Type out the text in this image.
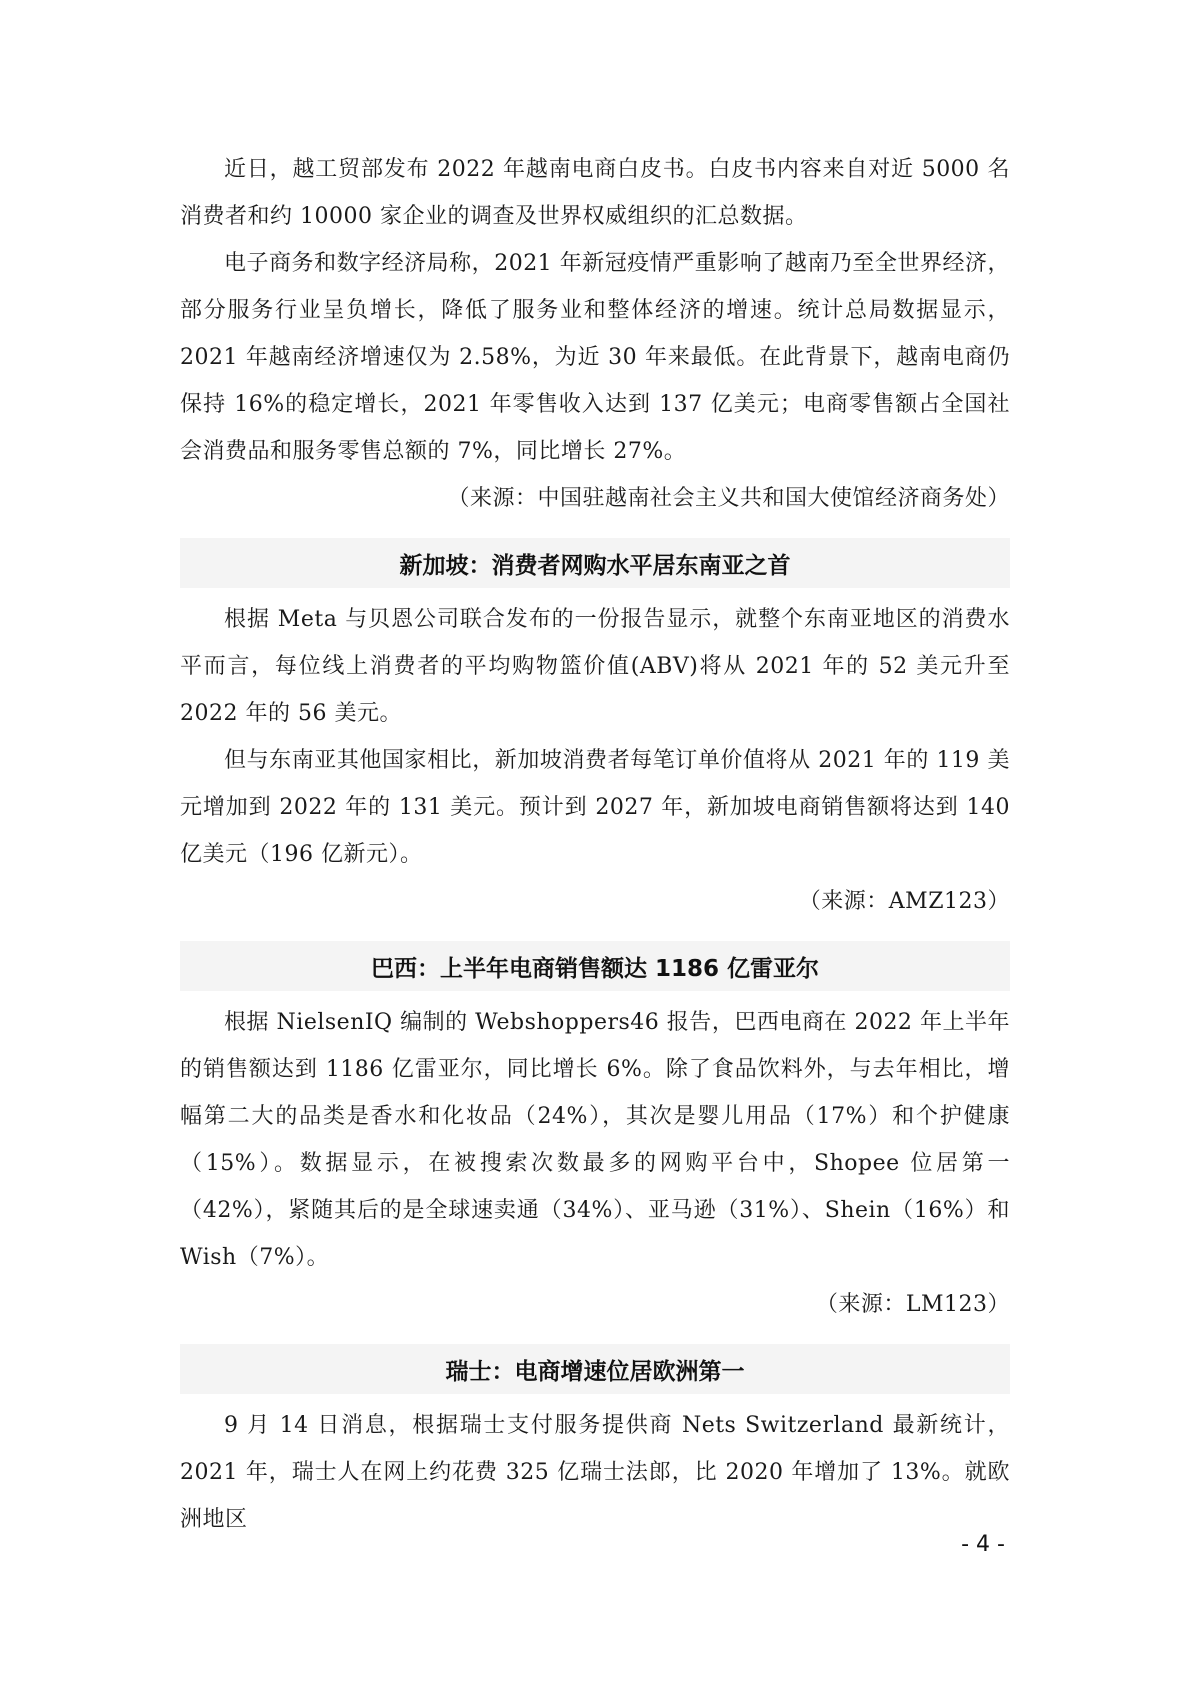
近日，越工贸部发布 2022 年越南电商白皮书。白皮书内容来自对近 5000 名消费者和约 10000 家企业的调查及世界权威组织的汇总数据。

电子商务和数字经济局称，2021 年新冠疫情严重影响了越南乃至全世界经济，部分服务行业呈负增长，降低了服务业和整体经济的增速。统计总局数据显示，2021 年越南经济增速仅为 2.58%，为近 30 年来最低。在此背景下，越南电商仍保持 16%的稳定增长，2021 年零售收入达到 137 亿美元；电商零售额占全国社会消费品和服务零售总额的 7%，同比增长 27%。

（来源：中国驻越南社会主义共和国大使馆经济商务处）
新加坡：消费者网购水平居东南亚之首

根据 Meta 与贝恩公司联合发布的一份报告显示，就整个东南亚地区的消费水平而言，每位线上消费者的平均购物篮价值(ABV)将从 2021 年的 52 美元升至 2022 年的 56 美元。

但与东南亚其他国家相比，新加坡消费者每笔订单价值将从 2021 年的 119 美元增加到 2022 年的 131 美元。预计到 2027 年，新加坡电商销售额将达到 140 亿美元（196 亿新元）。

（来源：AMZ123）
巴西：上半年电商销售额达 1186 亿雷亚尔

根据 NielsenIQ 编制的 Webshoppers46 报告，巴西电商在 2022 年上半年的销售额达到 1186 亿雷亚尔，同比增长 6%。除了食品饮料外，与去年相比，增幅第二大的品类是香水和化妆品（24%），其次是婴儿用品（17%）和个护健康（15%）。数据显示，在被搜索次数最多的网购平台中，Shopee 位居第一（42%），紧随其后的是全球速卖通（34%）、亚马逊（31%）、Shein（16%）和 Wish（7%）。

（来源：LM123）
瑞士：电商增速位居欧洲第一

9 月 14 日消息，根据瑞士支付服务提供商 Nets Switzerland 最新统计，2021 年，瑞士人在网上约花费 325 亿瑞士法郎，比 2020 年增加了 13%。就欧洲地区

- 4 -
